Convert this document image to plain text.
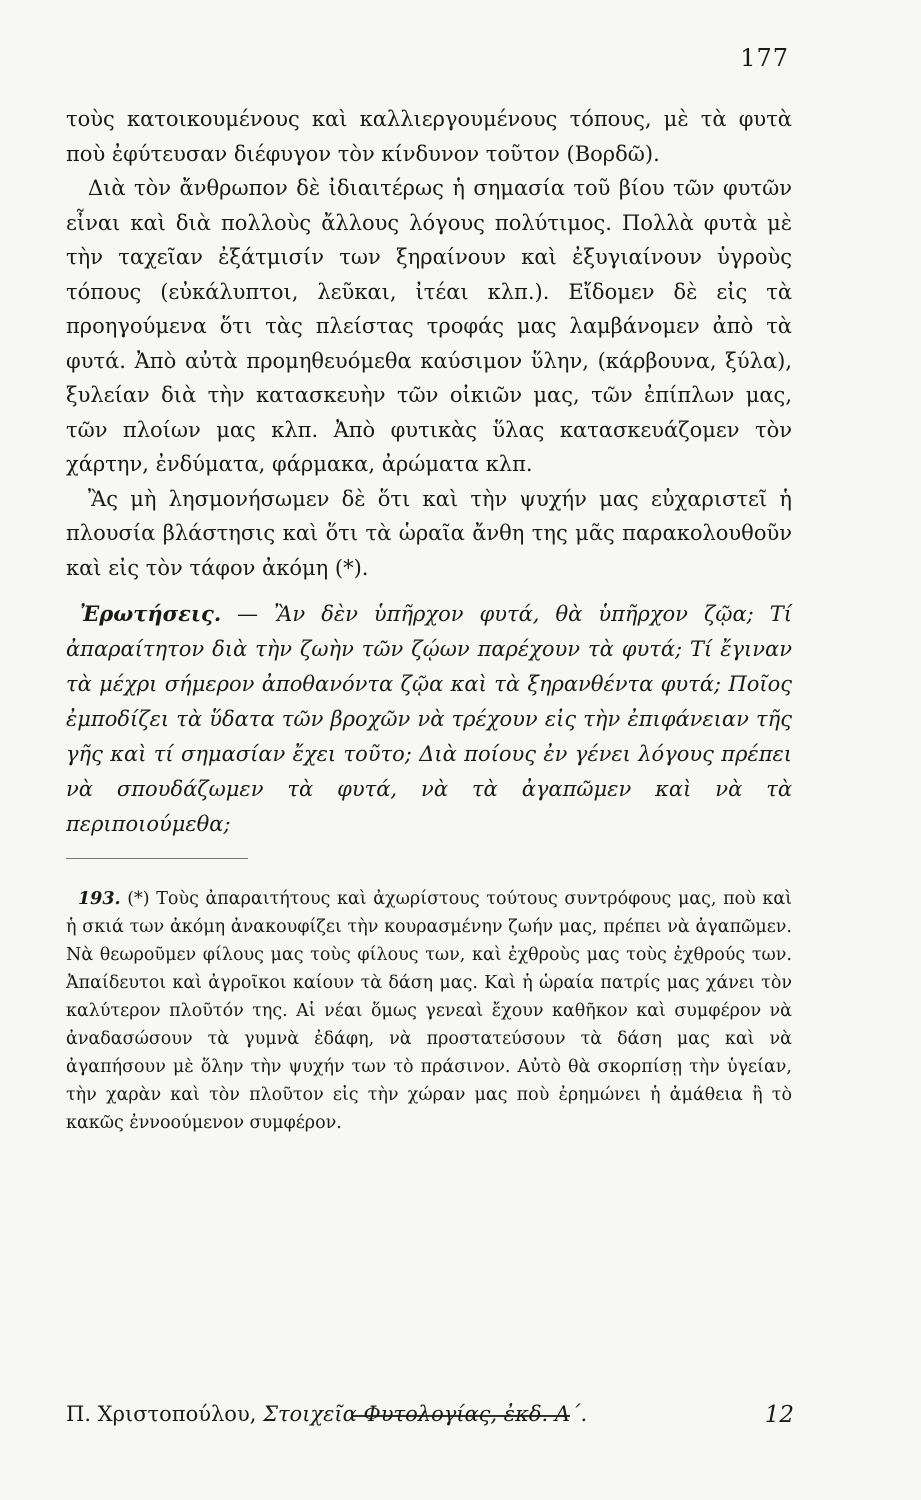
177

τοὺς κατοικουμένους καὶ καλλιεργουμένους τόπους, μὲ τὰ φυτὰ ποὺ ἐφύτευσαν διέφυγον τὸν κίνδυνον τοῦτον (Βορδῶ).

Διὰ τὸν ἄνθρωπον δὲ ἰδιαιτέρως ἡ σημασία τοῦ βίου τῶν φυτῶν εἶναι καὶ διὰ πολλοὺς ἄλλους λόγους πολύτιμος. Πολλὰ φυτὰ μὲ τὴν ταχεῖαν ἐξάτμισίν των ξηραίνουν καὶ ἐξυγιαίνουν ὑγροὺς τόπους (εὐκάλυπτοι, λεῦκαι, ἰτέαι κλπ.). Εἴδομεν δὲ εἰς τὰ προηγούμενα ὅτι τὰς πλείστας τροφάς μας λαμβάνομεν ἀπὸ τὰ φυτά. Ἀπὸ αὐτὰ προμηθευόμεθα καύσιμον ὕλην, (κάρβουνα, ξύλα), ξυλείαν διὰ τὴν κατασκευὴν τῶν οἰκιῶν μας, τῶν ἐπίπλων μας, τῶν πλοίων μας κλπ. Ἀπὸ φυτικὰς ὕλας κατασκευάζομεν τὸν χάρτην, ἐνδύματα, φάρμακα, ἀρώματα κλπ.

Ἂς μὴ λησμονήσωμεν δὲ ὅτι καὶ τὴν ψυχήν μας εὐχαριστεῖ ἡ πλουσία βλάστησις καὶ ὅτι τὰ ὡραῖα ἄνθη της μᾶς παρακολουθοῦν καὶ εἰς τὸν τάφον ἀκόμη (*).

Ἐρωτήσεις. — Ἂν δὲν ὑπῆρχον φυτά, θὰ ὑπῆρχον ζῷα; Τί ἀπαραίτητον διὰ τὴν ζωὴν τῶν ζῴων παρέχουν τὰ φυτά; Τί ἔγιναν τὰ μέχρι σήμερον ἀποθανόντα ζῷα καὶ τὰ ξηρανθέντα φυτά; Ποῖος ἐμποδίζει τὰ ὕδατα τῶν βροχῶν νὰ τρέχουν εἰς τὴν ἐπιφάνειαν τῆς γῆς καὶ τί σημασίαν ἔχει τοῦτο; Διὰ ποίους ἐν γένει λόγους πρέπει νὰ σπουδάζωμεν τὰ φυτά, νὰ τὰ ἀγαπῶμεν καὶ νὰ τὰ περιποιούμεθα;
193. (*) Τοὺς ἀπαραιτήτους καὶ ἀχωρίστους τούτους συντρόφους μας, ποὺ καὶ ἡ σκιά των ἀκόμη ἀνακουφίζει τὴν κουρασμένην ζωήν μας, πρέπει νὰ ἀγαπῶμεν. Νὰ θεωροῦμεν φίλους μας τοὺς φίλους των, καὶ ἐχθροὺς μας τοὺς ἐχθρούς των. Ἀπαίδευτοι καὶ ἀγροῖκοι καίουν τὰ δάση μας. Καὶ ἡ ὡραία πατρίς μας χάνει τὸν καλύτερον πλοῦτόν της. Αἱ νέαι ὅμως γενεαὶ ἔχουν καθῆκον καὶ συμφέρον νὰ ἀναδασώσουν τὰ γυμνὰ ἐδάφη, νὰ προστατεύσουν τὰ δάση μας καὶ νὰ ἀγαπήσουν μὲ ὅλην τὴν ψυχήν των τὸ πράσινον. Αὐτὸ θὰ σκορπίσῃ τὴν ὑγείαν, τὴν χαρὰν καὶ τὸν πλοῦτον εἰς τὴν χώραν μας ποὺ ἐρημώνει ἡ ἀμάθεια ἢ τὸ κακῶς ἐννοούμενον συμφέρον.
Π. Χριστοπούλου, Στοιχεῖα Φυτολογίας, ἐκδ. Α΄.	12
